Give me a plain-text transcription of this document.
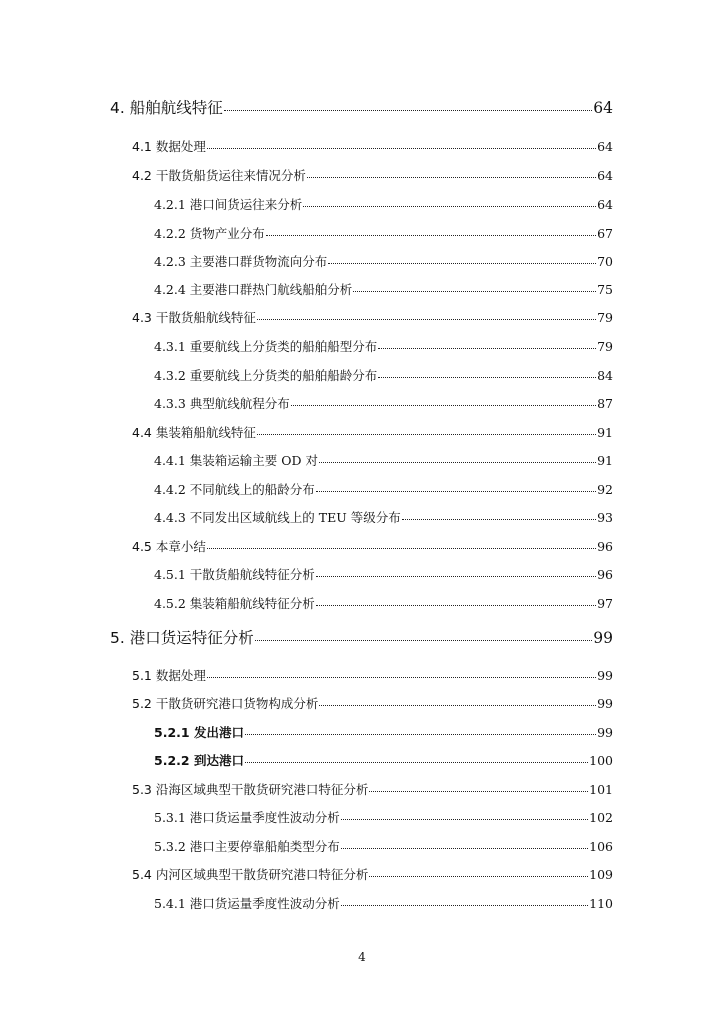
4. 船舶航线特征	64
4.1 数据处理	64
4.2 干散货船货运往来情况分析	64
4.2.1 港口间货运往来分析	64
4.2.2 货物产业分布	67
4.2.3 主要港口群货物流向分布	70
4.2.4 主要港口群热门航线船舶分析	75
4.3 干散货船航线特征	79
4.3.1 重要航线上分货类的船舶船型分布	79
4.3.2 重要航线上分货类的船舶船龄分布	84
4.3.3 典型航线航程分布	87
4.4 集装箱船航线特征	91
4.4.1 集装箱运输主要 OD 对	91
4.4.2 不同航线上的船龄分布	92
4.4.3 不同发出区域航线上的 TEU 等级分布	93
4.5 本章小结	96
4.5.1 干散货船航线特征分析	96
4.5.2 集装箱船航线特征分析	97
5. 港口货运特征分析	99
5.1 数据处理	99
5.2 干散货研究港口货物构成分析	99
5.2.1 发出港口	99
5.2.2 到达港口	100
5.3 沿海区域典型干散货研究港口特征分析	101
5.3.1 港口货运量季度性波动分析	102
5.3.2 港口主要停靠船舶类型分布	106
5.4 内河区域典型干散货研究港口特征分析	109
5.4.1 港口货运量季度性波动分析	110
4
